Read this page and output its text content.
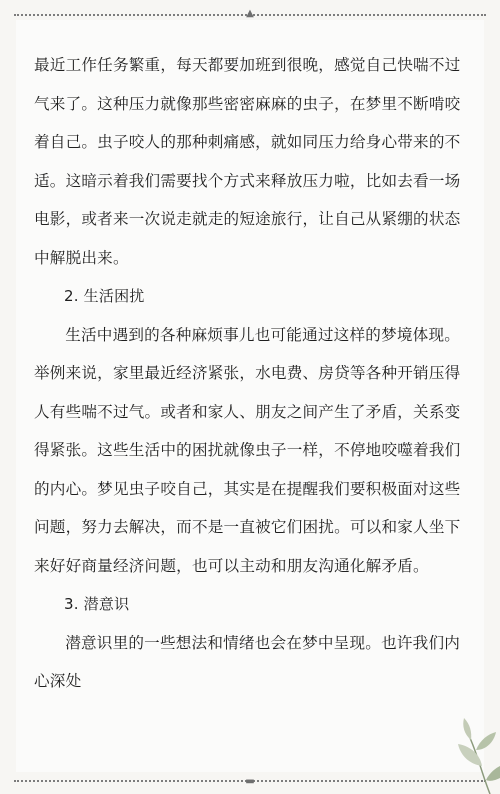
▲
▬

最近工作任务繁重，每天都要加班到很晚，感觉自己快喘不过气来了。这种压力就像那些密密麻麻的虫子，在梦里不断啃咬着自己。虫子咬人的那种刺痛感，就如同压力给身心带来的不适。这暗示着我们需要找个方式来释放压力啦，比如去看一场电影，或者来一次说走就走的短途旅行，让自己从紧绷的状态中解脱出来。

2. 生活困扰

生活中遇到的各种麻烦事儿也可能通过这样的梦境体现。举例来说，家里最近经济紧张，水电费、房贷等各种开销压得人有些喘不过气。或者和家人、朋友之间产生了矛盾，关系变得紧张。这些生活中的困扰就像虫子一样，不停地咬噬着我们的内心。梦见虫子咬自己，其实是在提醒我们要积极面对这些问题，努力去解决，而不是一直被它们困扰。可以和家人坐下来好好商量经济问题，也可以主动和朋友沟通化解矛盾。

3. 潜意识

潜意识里的一些想法和情绪也会在梦中呈现。也许我们内心深处
